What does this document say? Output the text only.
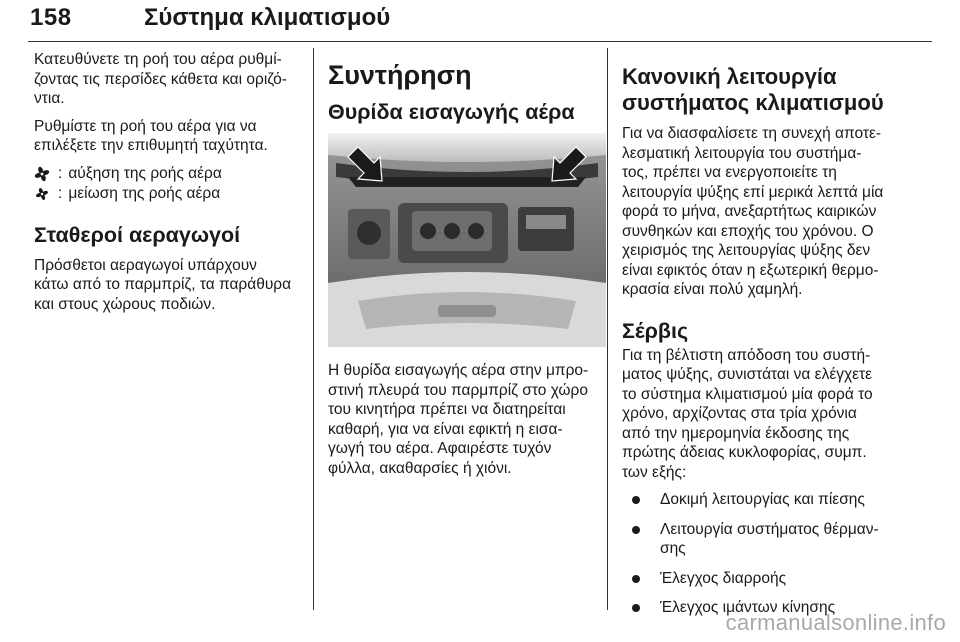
158	Σύστημα κλιματισμού

Κατευθύνετε τη ροή του αέρα ρυθμί-
ζοντας τις περσίδες κάθετα και οριζό-
ντια.

Ρυθμίστε τη ροή του αέρα για να
επιλέξετε την επιθυμητή ταχύτητα.

: αύξηση της ροής αέρα
: μείωση της ροής αέρα
Σταθεροί αεραγωγοί

Πρόσθετοι αεραγωγοί υπάρχουν
κάτω από το παρμπρίζ, τα παράθυρα
και στους χώρους ποδιών.

Συντήρηση
Θυρίδα εισαγωγής αέρα

Η θυρίδα εισαγωγής αέρα στην μπρο-
στινή πλευρά του παρμπρίζ στο χώρο
του κινητήρα πρέπει να διατηρείται
καθαρή, για να είναι εφικτή η εισα-
γωγή του αέρα. Αφαιρέστε τυχόν
φύλλα, ακαθαρσίες ή χιόνι.

Κανονική λειτουργία
συστήματος κλιματισμού

Για να διασφαλίσετε τη συνεχή αποτε-
λεσματική λειτουργία του συστήμα-
τος, πρέπει να ενεργοποιείτε τη
λειτουργία ψύξης επί μερικά λεπτά μία
φορά το μήνα, ανεξαρτήτως καιρικών
συνθηκών και εποχής του χρόνου. Ο
χειρισμός της λειτουργίας ψύξης δεν
είναι εφικτός όταν η εξωτερική θερμο-
κρασία είναι πολύ χαμηλή.

Σέρβις

Για τη βέλτιστη απόδοση του συστή-
ματος ψύξης, συνιστάται να ελέγχετε
το σύστημα κλιματισμού μία φορά το
χρόνο, αρχίζοντας στα τρία χρόνια
από την ημερομηνία έκδοσης της
πρώτης άδειας κυκλοφορίας, συμπ.
των εξής:

Δοκιμή λειτουργίας και πίεσης
Λειτουργία συστήματος θέρμαν-
σης
Έλεγχος διαρροής
Έλεγχος ιμάντων κίνησης
carmanualsonline.info
